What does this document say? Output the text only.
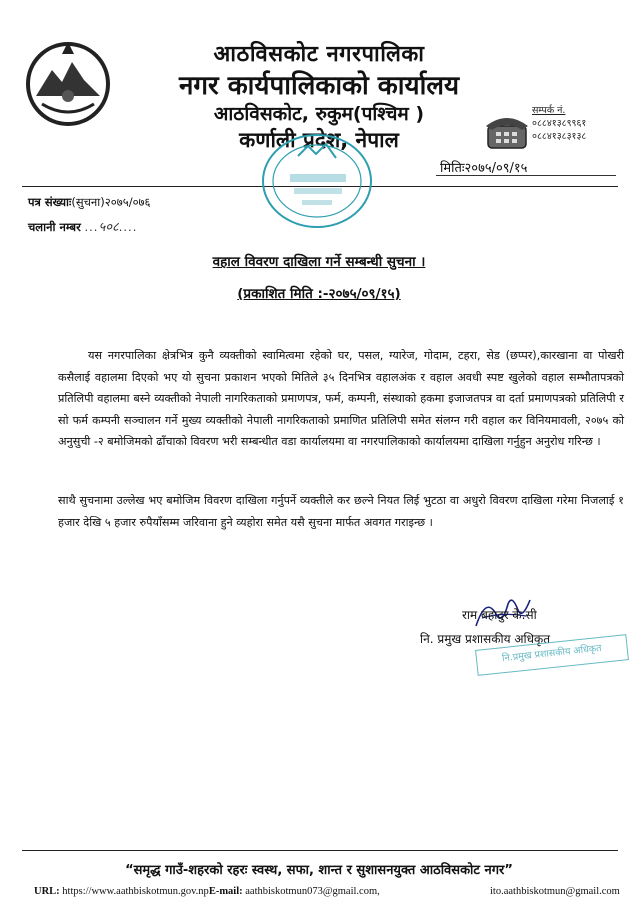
आठविसकोट नगरपालिका
नगर कार्यपालिकाको कार्यालय
आठविसकोट, रुकुम(पश्चिम )
कर्णाली प्रदेश, नेपाल
सम्पर्क नं.
०८८४१३८९९६१
०८८४१३८३१३८
मितिः२०७५/०९/१५
पत्र संख्याः(सुचना)२०७५/०७६
चलानी नम्बर ...५०८....
वहाल विवरण दाखिला गर्ने सम्बन्धी सुचना ।
(प्रकाशित मिति :-२०७५/०९/१५)
यस नगरपालिका क्षेत्रभित्र कुनै व्यक्तीको स्वामित्वमा रहेको घर, पसल, ग्यारेज, गोदाम, टहरा, सेड (छप्पर),कारखाना वा पोखरी कसैलाई वहालमा दिएको भए यो सुचना प्रकाशन भएको मितिले ३५ दिनभित्र वहालअंक र वहाल अवधी स्पष्ट खुलेको वहाल सम्भौतापत्रको प्रतिलिपी वहालमा बस्ने व्यक्तीको नेपाली नागरिकताको प्रमाणपत्र, फर्म, कम्पनी, संस्थाको हकमा इजाजतपत्र वा दर्ता प्रमाणपत्रको प्रतिलिपी र सो फर्म कम्पनी सञ्चालन गर्ने मुख्य व्यक्तीको नेपाली नागरिकताको प्रमाणित प्रतिलिपी समेत संलग्न गरी वहाल कर विनियमावली, २०७५ को अनुसुची -२ बमोजिमको ढाँचाको विवरण भरी सम्बन्धीत वडा कार्यालयमा वा नगरपालिकाको कार्यालयमा दाखिला गर्नुहुन अनुरोध गरिन्छ ।
साथै सुचनामा उल्लेख भए बमोजिम विवरण दाखिला गर्नुपर्ने व्यक्तीले कर छल्ने नियत लिई भुटठा वा अधुरो विवरण दाखिला गरेमा निजलाई १ हजार देखि ५ हजार रुपैयाँसम्म जरिवाना हुने व्यहोरा समेत यसै सुचना मार्फत अवगत गराइन्छ ।
राम बहादुर के.सी
नि. प्रमुख प्रशासकीय अधिकृत
नि.प्रमुख प्रशासकीय अधिकृत
“समृद्ध गाउँ-शहरको रहरः स्वस्थ, सफा, शान्त र सुशासनयुक्त आठविसकोट नगर”
URL: https://www.aathbiskotmun.gov.npE-mail: aathbiskotmun073@gmail.com,	ito.aathbiskotmun@gmail.com
